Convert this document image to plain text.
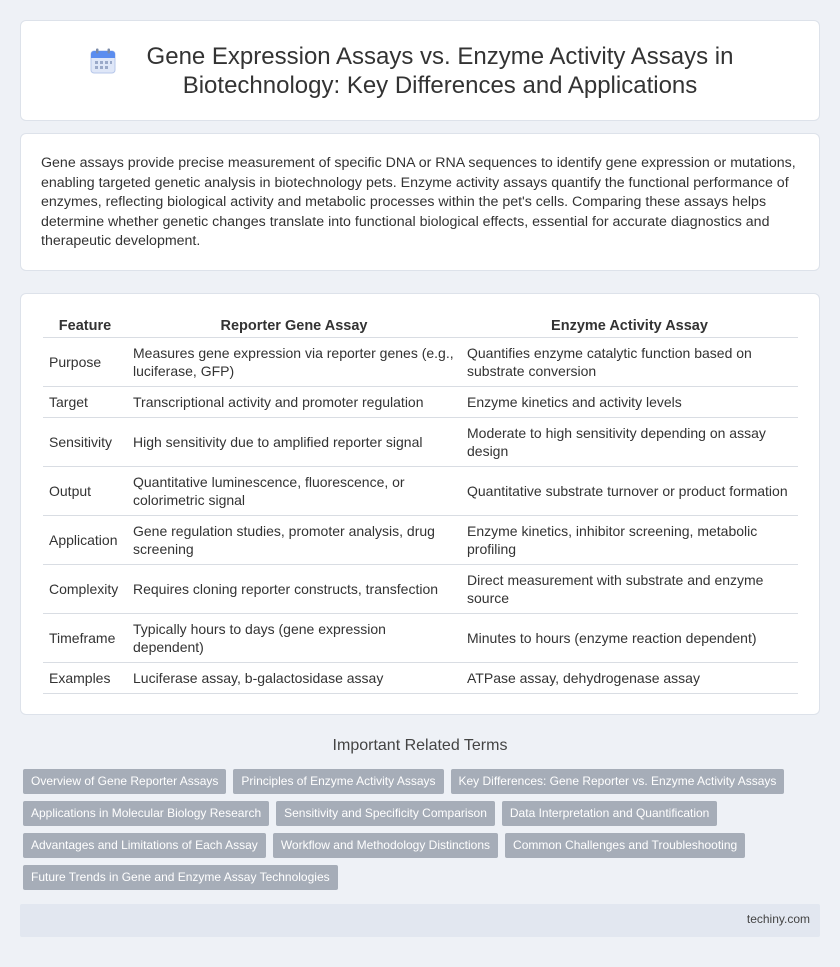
Gene Expression Assays vs. Enzyme Activity Assays in Biotechnology: Key Differences and Applications

Gene assays provide precise measurement of specific DNA or RNA sequences to identify gene expression or mutations, enabling targeted genetic analysis in biotechnology pets. Enzyme activity assays quantify the functional performance of enzymes, reflecting biological activity and metabolic processes within the pet's cells. Comparing these assays helps determine whether genetic changes translate into functional biological effects, essential for accurate diagnostics and therapeutic development.

Feature	Reporter Gene Assay	Enzyme Activity Assay
Purpose	Measures gene expression via reporter genes (e.g., luciferase, GFP)	Quantifies enzyme catalytic function based on substrate conversion
Target	Transcriptional activity and promoter regulation	Enzyme kinetics and activity levels
Sensitivity	High sensitivity due to amplified reporter signal	Moderate to high sensitivity depending on assay design
Output	Quantitative luminescence, fluorescence, or colorimetric signal	Quantitative substrate turnover or product formation
Application	Gene regulation studies, promoter analysis, drug screening	Enzyme kinetics, inhibitor screening, metabolic profiling
Complexity	Requires cloning reporter constructs, transfection	Direct measurement with substrate and enzyme source
Timeframe	Typically hours to days (gene expression dependent)	Minutes to hours (enzyme reaction dependent)
Examples	Luciferase assay, b-galactosidase assay	ATPase assay, dehydrogenase assay
Important Related Terms
Overview of Gene Reporter Assays	Principles of Enzyme Activity Assays	Key Differences: Gene Reporter vs. Enzyme Activity Assays
Applications in Molecular Biology Research	Sensitivity and Specificity Comparison	Data Interpretation and Quantification
Advantages and Limitations of Each Assay	Workflow and Methodology Distinctions	Common Challenges and Troubleshooting
Future Trends in Gene and Enzyme Assay Technologies
techiny.com
